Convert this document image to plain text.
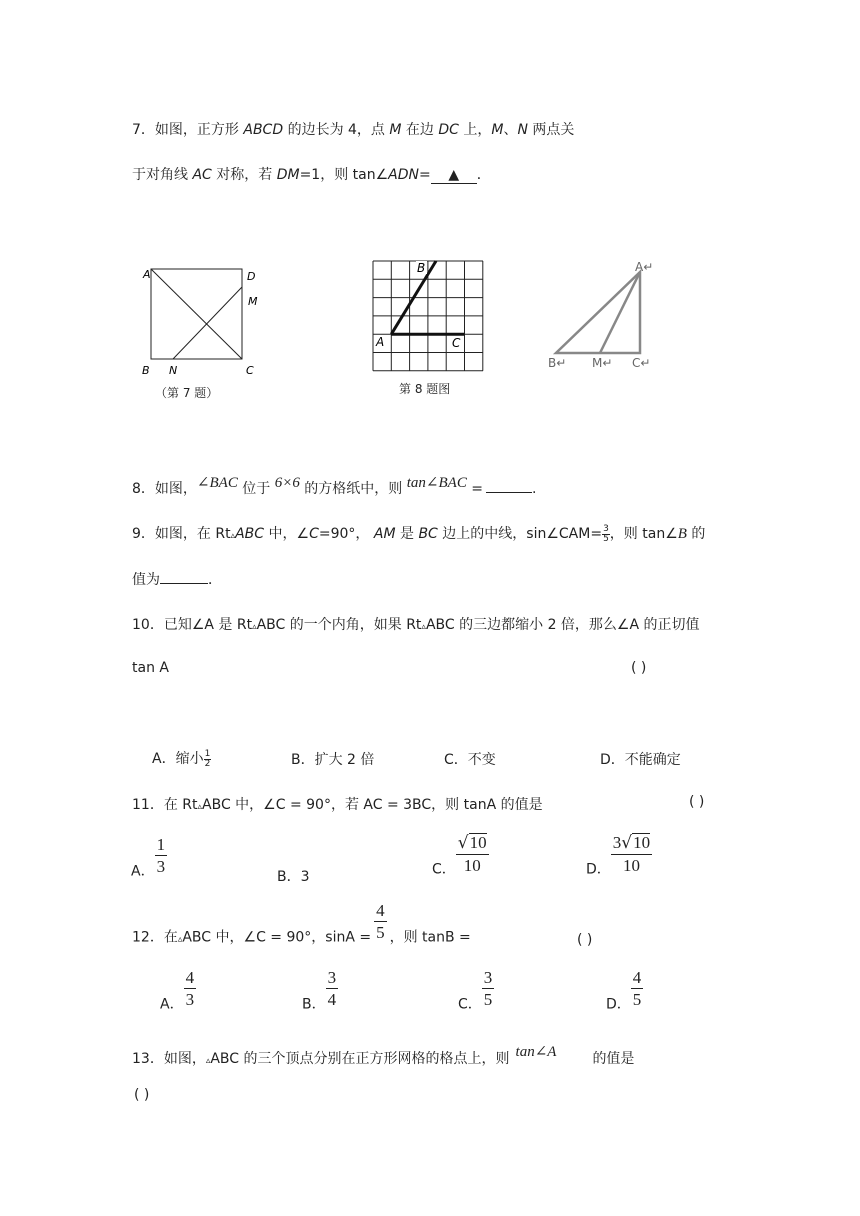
7．如图，正方形 ABCD 的边长为 4，点 M 在边 DC 上，M、N 两点关
于对角线 AC 对称，若 DM=1，则 tan∠ADN= ▲ ．
A	D
M
B N	C
（第 7 题）
A
B
C
第 8 题图
A↵
B↵ M↵ C↵
8．如图，∠BAC 位于 6×6 的方格纸中，则 tan∠BAC =	.
9．如图，在 Rt▵ABC 中，∠C=90°， AM 是 BC 边上的中线，sin∠CAM= $\frac{3}{5}$ ，则 tan∠B 的
值为	．
10．已知∠A 是 Rt▵ABC 的一个内角，如果 Rt▵ABC 的三边都缩小 2 倍，那么∠A 的正切值
tan A	( )
A．缩小 $\frac{1}{2}$	B．扩大 2 倍	C．不变	D．不能确定
11．在 Rt▵ABC 中，∠C = 90°，若 AC = 3BC，则 tanA 的值是	( )
A． $\frac{1}{3}$
B．3	C． $\frac{√10}{10}$	D． $\frac{3√10}{10}$
12．在$_▵$ABC 中，∠C = 90°，$\sin A = \frac{4}{5}$ ，则 tanB =	( )
A． $\frac{4}{3}$	B． $\frac{3}{4}$	C． $\frac{3}{5}$	D． $\frac{4}{5}$
13．如图，▵ABC 的三个顶点分别在正方形网格的格点上，则 tan∠A	的值是
( )
